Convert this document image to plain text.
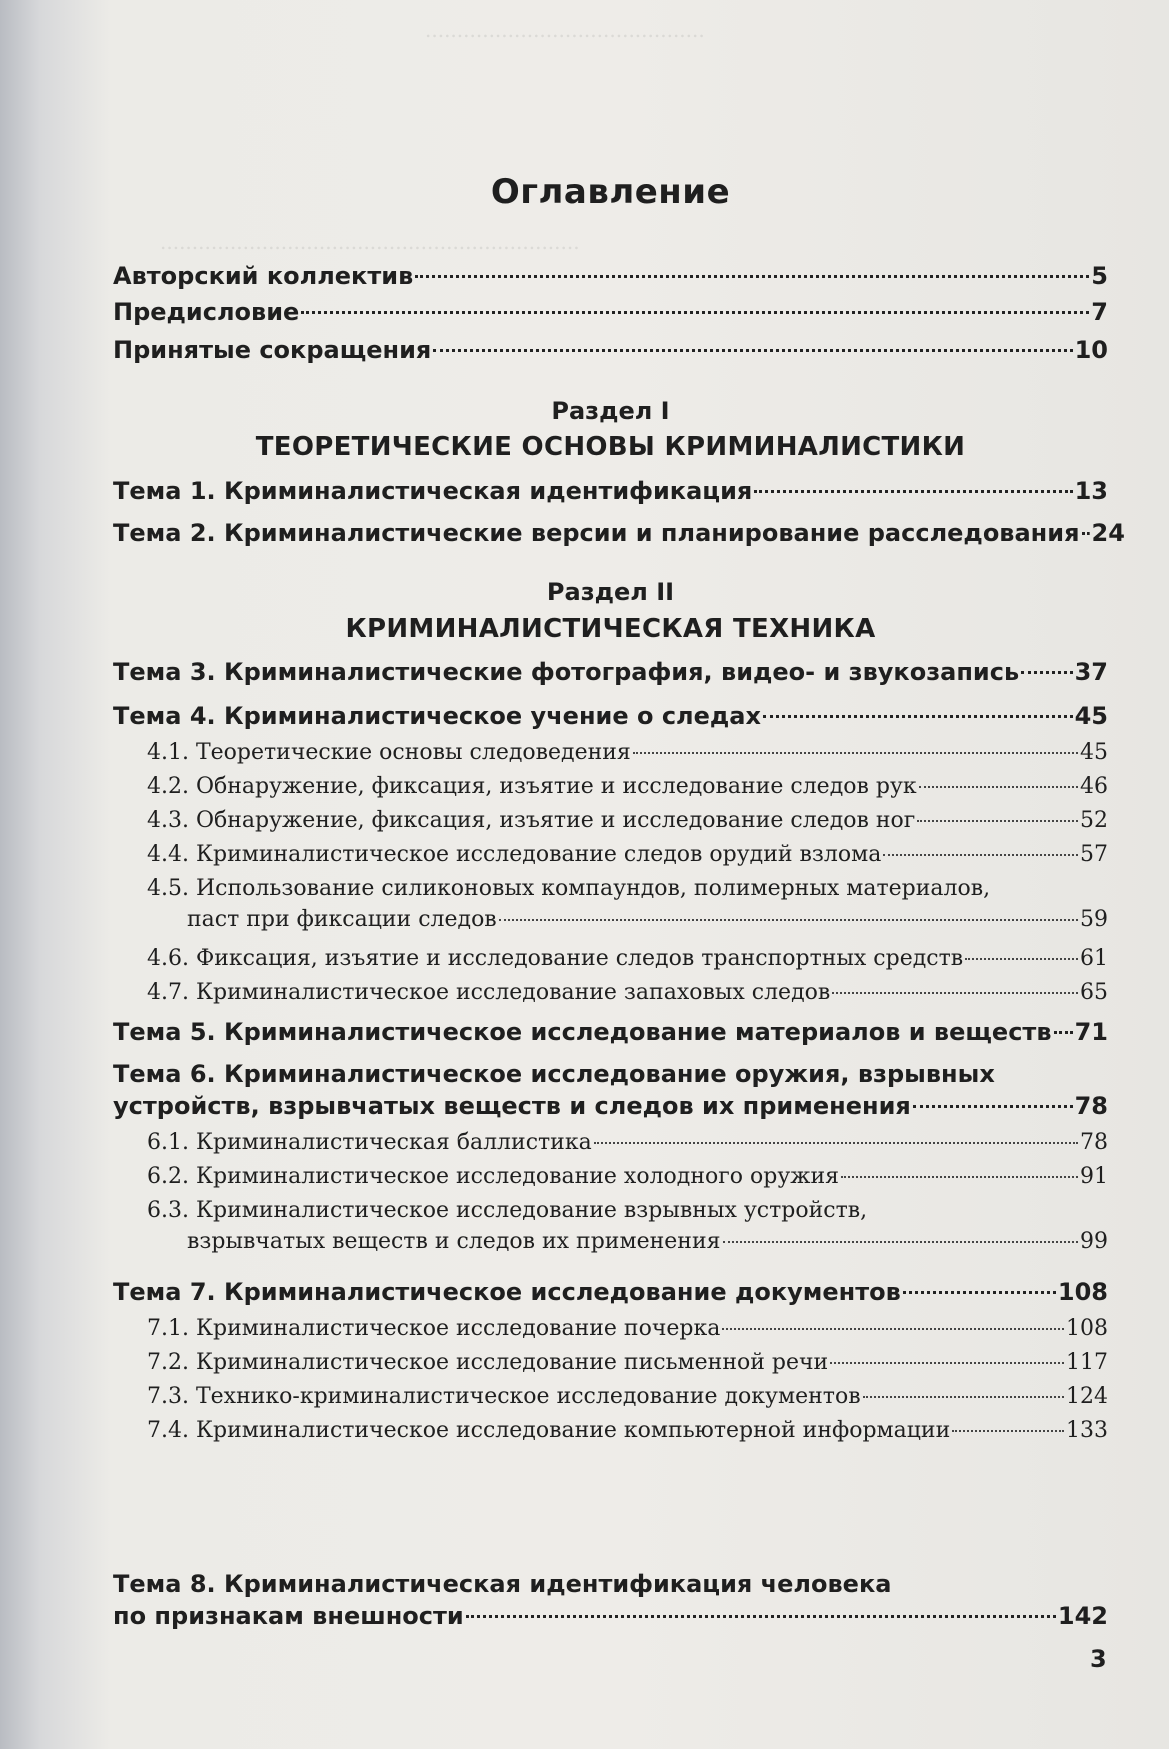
............................................
..................................................................
Оглавление
Авторский коллектив	5
Предисловие	7
Принятые сокращения	10
Раздел I
ТЕОРЕТИЧЕСКИЕ ОСНОВЫ КРИМИНАЛИСТИКИ
Тема 1. Криминалистическая идентификация	13
Тема 2. Криминалистические версии и планирование расследования 24
Раздел II
КРИМИНАЛИСТИЧЕСКАЯ ТЕХНИКА
Тема 3. Криминалистические фотография, видео- и звукозапись 37
Тема 4. Криминалистическое учение о следах	45
4.1. Теоретические основы следоведения	45
4.2. Обнаружение, фиксация, изъятие и исследование следов рук	46
4.3. Обнаружение, фиксация, изъятие и исследование следов ног	52
4.4. Криминалистическое исследование следов орудий взлома	57
4.5. Использование силиконовых компаундов, полимерных материалов,
паст при фиксации следов	59
4.6. Фиксация, изъятие и исследование следов транспортных средств	61
4.7. Криминалистическое исследование запаховых следов	65
Тема 5. Криминалистическое исследование материалов и веществ 71
Тема 6. Криминалистическое исследование оружия, взрывных
устройств, взрывчатых веществ и следов их применения	78
6.1. Криминалистическая баллистика	78
6.2. Криминалистическое исследование холодного оружия	91
6.3. Криминалистическое исследование взрывных устройств,
взрывчатых веществ и следов их применения	99
Тема 7. Криминалистическое исследование документов	108
7.1. Криминалистическое исследование почерка	108
7.2. Криминалистическое исследование письменной речи	117
7.3. Технико-криминалистическое исследование документов	124
7.4. Криминалистическое исследование компьютерной информации	133
Тема 8. Криминалистическая идентификация человека
по признакам внешности	142
3
